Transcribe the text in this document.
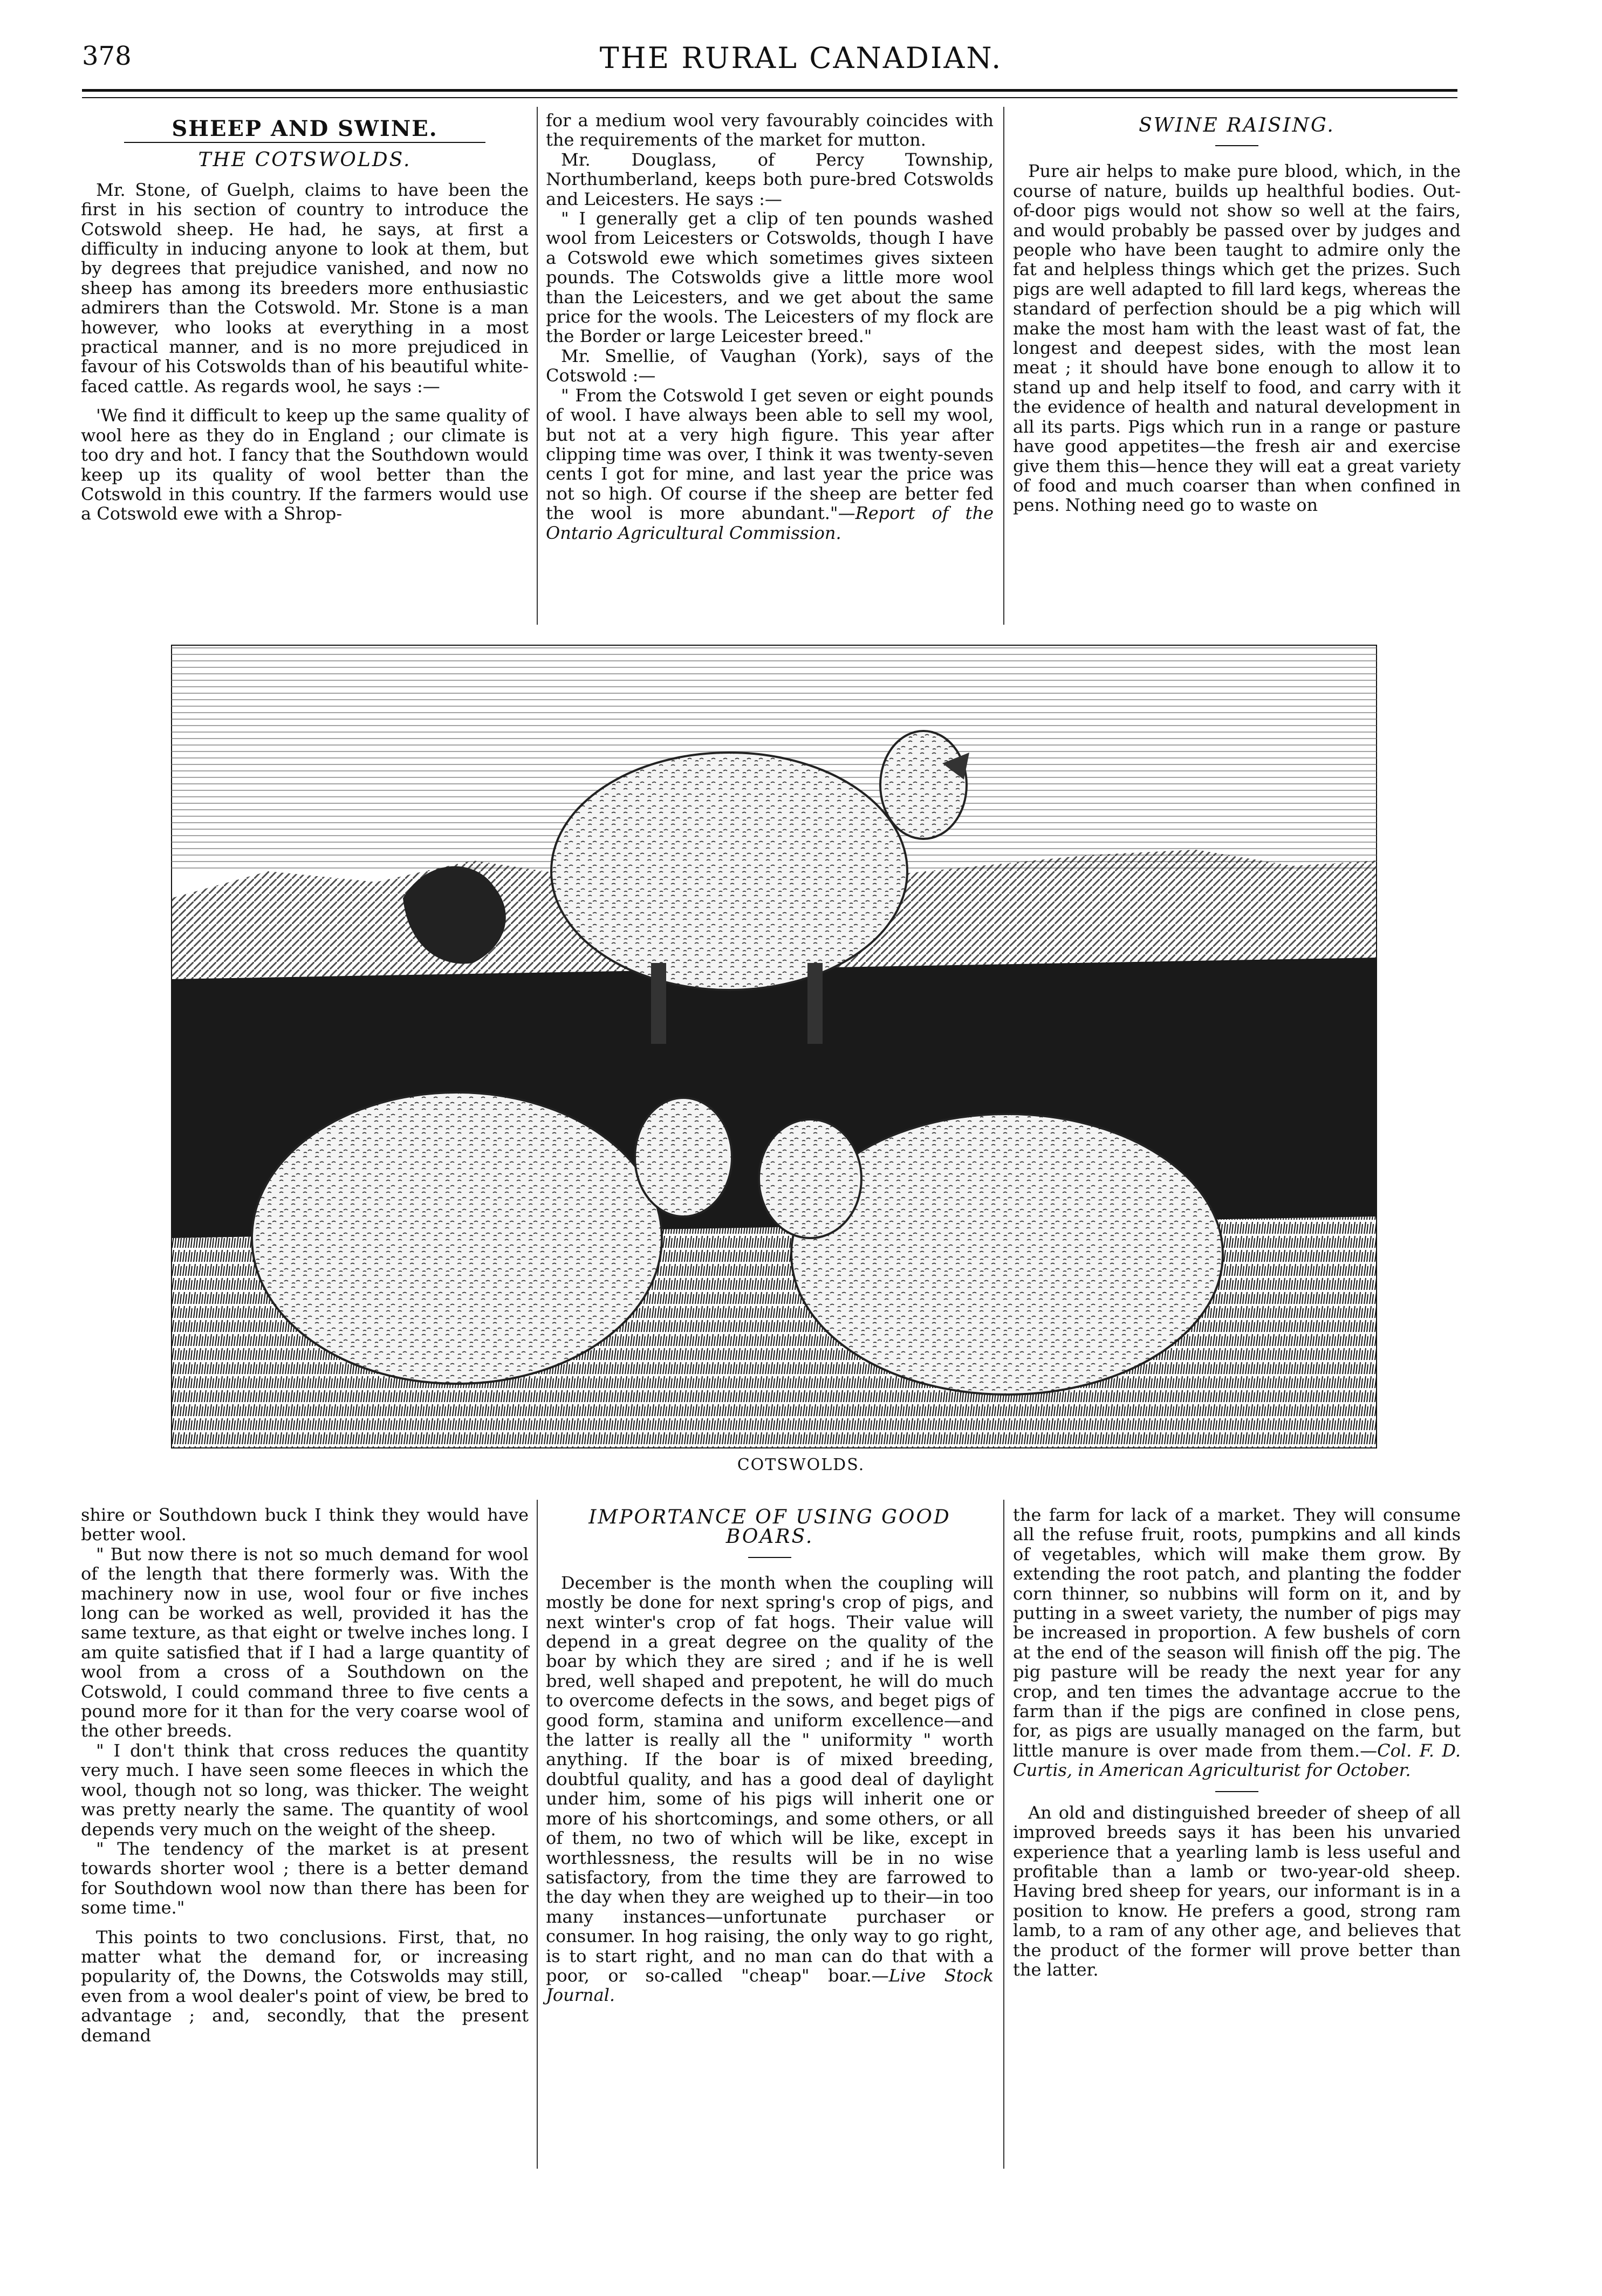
378	THE RURAL CANADIAN.
SHEEP AND SWINE.
THE COTSWOLDS.

Mr. Stone, of Guelph, claims to have been the first in his section of country to introduce the Cotswold sheep. He had, he says, at first a difficulty in inducing anyone to look at them, but by degrees that prejudice vanished, and now no sheep has among its breeders more enthusiastic admirers than the Cotswold. Mr. Stone is a man however, who looks at everything in a most practical manner, and is no more prejudiced in favour of his Cotswolds than of his beautiful white-faced cattle. As regards wool, he says :—

'We find it difficult to keep up the same quality of wool here as they do in England ; our climate is too dry and hot. I fancy that the Southdown would keep up its quality of wool better than the Cotswold in this country. If the farmers would use a Cotswold ewe with a Shrop-

for a medium wool very favourably coincides with the requirements of the market for mutton.

Mr. Douglass, of Percy Township, Northumberland, keeps both pure-bred Cotswolds and Leicesters. He says :—

" I generally get a clip of ten pounds washed wool from Leicesters or Cotswolds, though I have a Cotswold ewe which sometimes gives sixteen pounds. The Cotswolds give a little more wool than the Leicesters, and we get about the same price for the wools. The Leicesters of my flock are the Border or large Leicester breed."

Mr. Smellie, of Vaughan (York), says of the Cotswold :—

" From the Cotswold I get seven or eight pounds of wool. I have always been able to sell my wool, but not at a very high figure. This year after clipping time was over, I think it was twenty-seven cents I got for mine, and last year the price was not so high. Of course if the sheep are better fed the wool is more abundant."—Report of the Ontario Agricultural Commission.

SWINE RAISING.

Pure air helps to make pure blood, which, in the course of nature, builds up healthful bodies. Out-of-door pigs would not show so well at the fairs, and would probably be passed over by judges and people who have been taught to admire only the fat and helpless things which get the prizes. Such pigs are well adapted to fill lard kegs, whereas the standard of perfection should be a pig which will make the most ham with the least wast of fat, the longest and deepest sides, with the most lean meat ; it should have bone enough to allow it to stand up and help itself to food, and carry with it the evidence of health and natural development in all its parts. Pigs which run in a range or pasture have good appetites—the fresh air and exercise give them this—hence they will eat a great variety of food and much coarser than when confined in pens. Nothing need go to waste on

COTSWOLDS.

shire or Southdown buck I think they would have better wool.

" But now there is not so much demand for wool of the length that there formerly was. With the machinery now in use, wool four or five inches long can be worked as well, provided it has the same texture, as that eight or twelve inches long. I am quite satisfied that if I had a large quantity of wool from a cross of a Southdown on the Cotswold, I could command three to five cents a pound more for it than for the very coarse wool of the other breeds.

" I don't think that cross reduces the quantity very much. I have seen some fleeces in which the wool, though not so long, was thicker. The weight was pretty nearly the same. The quantity of wool depends very much on the weight of the sheep.

" The tendency of the market is at present towards shorter wool ; there is a better demand for Southdown wool now than there has been for some time."

This points to two conclusions. First, that, no matter what the demand for, or increasing popularity of, the Downs, the Cotswolds may still, even from a wool dealer's point of view, be bred to advantage ; and, secondly, that the present demand

IMPORTANCE OF USING GOOD BOARS.

December is the month when the coupling will mostly be done for next spring's crop of pigs, and next winter's crop of fat hogs. Their value will depend in a great degree on the quality of the boar by which they are sired ; and if he is well bred, well shaped and prepotent, he will do much to overcome defects in the sows, and beget pigs of good form, stamina and uniform excellence—and the latter is really all the " uniformity " worth anything. If the boar is of mixed breeding, doubtful quality, and has a good deal of daylight under him, some of his pigs will inherit one or more of his shortcomings, and some others, or all of them, no two of which will be like, except in worthlessness, the results will be in no wise satisfactory, from the time they are farrowed to the day when they are weighed up to their—in too many instances—unfortunate purchaser or consumer. In hog raising, the only way to go right, is to start right, and no man can do that with a poor, or so-called "cheap" boar.—Live Stock Journal.

the farm for lack of a market. They will consume all the refuse fruit, roots, pumpkins and all kinds of vegetables, which will make them grow. By extending the root patch, and planting the fodder corn thinner, so nubbins will form on it, and by putting in a sweet variety, the number of pigs may be increased in proportion. A few bushels of corn at the end of the season will finish off the pig. The pig pasture will be ready the next year for any crop, and ten times the advantage accrue to the farm than if the pigs are confined in close pens, for, as pigs are usually managed on the farm, but little manure is over made from them.—Col. F. D. Curtis, in American Agriculturist for October.

An old and distinguished breeder of sheep of all improved breeds says it has been his unvaried experience that a yearling lamb is less useful and profitable than a lamb or two-year-old sheep. Having bred sheep for years, our informant is in a position to know. He prefers a good, strong ram lamb, to a ram of any other age, and believes that the product of the former will prove better than the latter.
